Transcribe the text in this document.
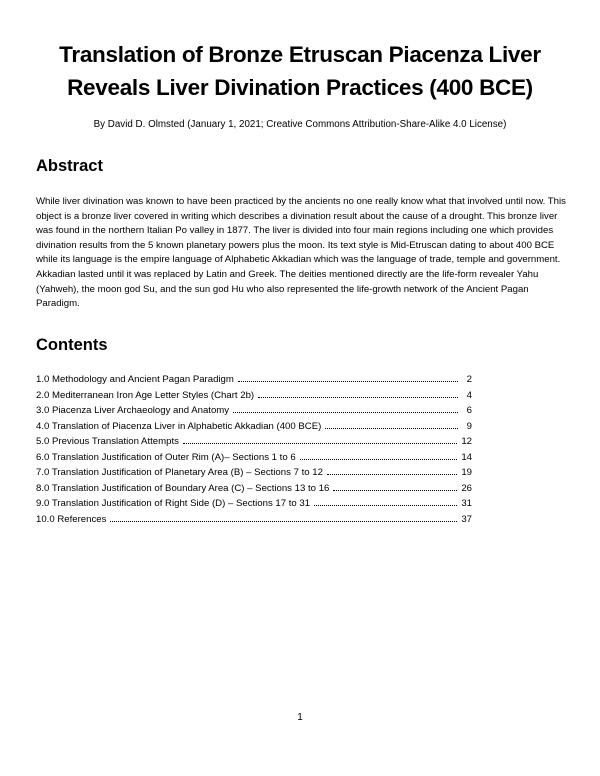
Translation of Bronze Etruscan Piacenza Liver
Reveals Liver Divination Practices (400 BCE)
By David D. Olmsted (January 1, 2021; Creative Commons Attribution-Share-Alike 4.0 License)
Abstract

While liver divination was known to have been practiced by the ancients no one really know what that involved until now. This object is a bronze liver covered in writing which describes a divination result about the cause of a drought. This bronze liver was found in the northern Italian Po valley in 1877. The liver is divided into four main regions including one which provides divination results from the 5 known planetary powers plus the moon. Its text style is Mid-Etruscan dating to about 400 BCE while its language is the empire language of Alphabetic Akkadian which was the language of trade, temple and government. Akkadian lasted until it was replaced by Latin and Greek. The deities mentioned directly are the life-form revealer Yahu (Yahweh), the moon god Su, and the sun god Hu who also represented the life-growth network of the Ancient Pagan Paradigm.

Contents
1.0 Methodology and Ancient Pagan Paradigm	2
2.0 Mediterranean Iron Age Letter Styles (Chart 2b)	4
3.0 Piacenza Liver Archaeology and Anatomy	6
4.0 Translation of Piacenza Liver in Alphabetic Akkadian (400 BCE)	9
5.0 Previous Translation Attempts	12
6.0 Translation Justification of Outer Rim (A)– Sections 1 to 6	14
7.0 Translation Justification of Planetary Area (B) – Sections 7 to 12	19
8.0 Translation Justification of Boundary Area (C) – Sections 13 to 16	26
9.0 Translation Justification of Right Side (D) – Sections 17 to 31	31
10.0 References	37
1
